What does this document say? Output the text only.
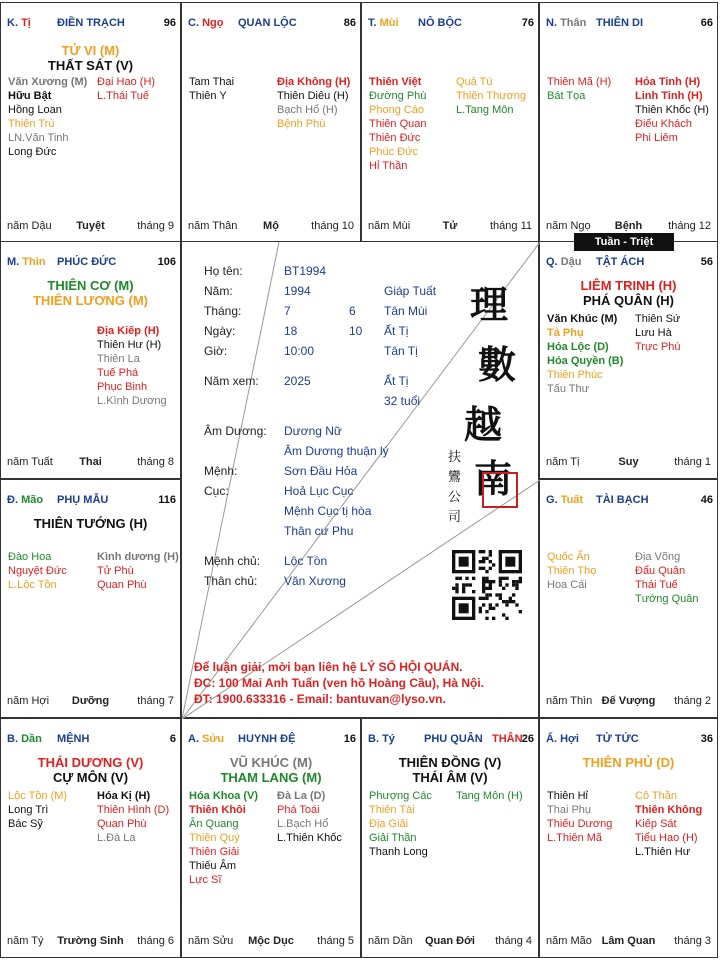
K. Tị ĐIỀN TRẠCH	96
TỬ VI (M)
THẤT SÁT (V)
Văn Xương (M)
Hữu Bật
Hồng Loan
Thiên Trù
LN.Văn Tinh
Long Đức
Đại Hao (H)
L.Thái Tuế
năm Dậu	Tuyệt	tháng 9
C. Ngọ QUAN LỘC	86
Tam Thai
Thiên Y
Địa Không (H)
Thiên Diêu (H)
Bạch Hổ (H)
Bệnh Phù
năm Thân	Mộ	tháng 10
T. Mùi NÔ BỘC	76
Thiên Việt
Đường Phù
Phong Cáo
Thiên Quan
Thiên Đức
Phúc Đức
Hỉ Thần
Quả Tú
Thiên Thương
L.Tang Môn
năm Mùi	Tử	tháng 11
N. Thân THIÊN DI	66
Thiên Mã (H)
Bát Tọa
Hỏa Tinh (H)
Linh Tinh (H)
Thiên Khốc (H)
Điếu Khách
Phi Liêm
năm Ngọ	Bệnh	tháng 12
M. Thìn PHÚC ĐỨC	106
THIÊN CƠ (M)
THIÊN LƯƠNG (M)
Địa Kiếp (H)
Thiên Hư (H)
Thiên La
Tuế Phá
Phục Binh
L.Kình Dương
năm Tuất	Thai	tháng 8
Q. Dậu TẬT ÁCH	56
LIÊM TRINH (H)
PHÁ QUÂN (H)
Văn Khúc (M)
Tả Phụ
Hóa Lộc (D)
Hóa Quyền (B)
Thiên Phúc
Tấu Thư
Thiên Sứ
Lưu Hà
Trực Phù
năm Tị	Suy	tháng 1
Đ. Mão PHỤ MẪU	116
THIÊN TƯỚNG (H)
Đào Hoa
Nguyệt Đức
L.Lộc Tồn
Kình dương (H)
Tử Phù
Quan Phù
năm Hợi	Dưỡng	tháng 7
G. Tuất TÀI BẠCH	46
Quốc Ấn
Thiên Thọ
Hoa Cái
Địa Võng
Đẩu Quân
Thái Tuế
Tướng Quân
năm Thìn Đế Vượng	tháng 2
B. Dần MỆNH	6
THÁI DƯƠNG (V)
CỰ MÔN (V)
Lộc Tồn (M)
Long Trì
Bác Sỹ
Hóa Kị (H)
Thiên Hình (D)
Quan Phù
L.Đà La
năm Tý	Trường Sinh	tháng 6
A. Sửu HUYNH ĐỆ	16
VŨ KHÚC (M)
THAM LANG (M)
Hóa Khoa (V)
Thiên Khôi
Ân Quang
Thiên Quý
Thiên Giải
Thiếu Âm
Lực Sĩ
Đà La (D)
Phá Toái
L.Bạch Hổ
L.Thiên Khốc
năm Sửu	Mộc Dục	tháng 5
B. Tý	PHU QUÂN THÂN 26
THIÊN ĐỒNG (V)
THÁI ÂM (V)
Phượng Các
Thiên Tài
Địa Giải
Giải Thần
Thanh Long
Tang Môn (H)
năm Dần	Quan Đới	tháng 4
Ấ. Hợi TỬ TỨC	36
THIÊN PHỦ (D)
Thiên Hỉ
Thai Phụ
Thiếu Dương
L.Thiên Mã
Cô Thần
Thiên Không
Kiếp Sát
Tiểu Hao (H)
L.Thiên Hư
năm Mão Lâm Quan	tháng 3
Họ tên:	BT1994
Năm:	1994	Giáp Tuất
Tháng:	7	6 Tân Mùi
Ngày:	18	10 Ất Tị
Giờ:	10:00	Tân Tị
Năm xem: 2025	Ất Tị
32 tuổi
Âm Dương: Dương Nữ
Âm Dương thuận lý
Mệnh:	Sơn Đầu Hỏa
Cục:	Hoả Lục Cục
Mệnh Cục tị hòa
Thân cư Phu
Mệnh chủ: Lộc Tồn
Thân chủ: Văn Xương
理
數
越
南
扶
鸞
公
司
Để luận giải, mời bạn liên hệ LÝ SỐ HỘI QUÁN.
ĐC: 100 Mai Anh Tuấn (ven hồ Hoàng Cầu), Hà Nội.
ĐT: 1900.633316 - Email: bantuvan@lyso.vn.
Tuần - Triệt
